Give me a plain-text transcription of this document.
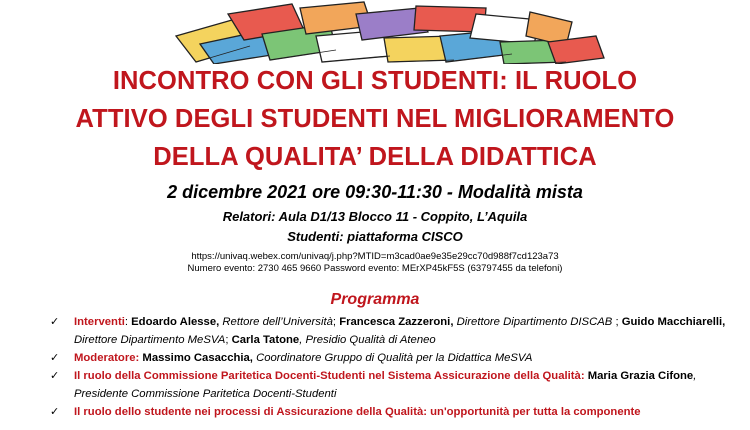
INCONTRO CON GLI STUDENTI: IL RUOLO
ATTIVO DEGLI STUDENTI NEL MIGLIORAMENTO
DELLA QUALITA’ DELLA DIDATTICA
2 dicembre 2021 ore 09:30-11:30 - Modalità mista
Relatori: Aula D1/13 Blocco 11 - Coppito, L’Aquila
Studenti: piattaforma CISCO
https://univaq.webex.com/univaq/j.php?MTID=m3cad0ae9e35e29cc70d988f7cd123a73
Numero evento: 2730 465 9660 Password evento: MErXP45kF5S (63797455 da telefoni)
Programma
✓ Interventi: Edoardo Alesse, Rettore dell’Università; Francesca Zazzeroni, Direttore Dipartimento DISCAB ; Guido Macchiarelli, Direttore Dipartimento MeSVA; Carla Tatone, Presidio Qualità di Ateneo
✓ Moderatore: Massimo Casacchia, Coordinatore Gruppo di Qualità per la Didattica MeSVA
✓ Il ruolo della Commissione Paritetica Docenti-Studenti nel Sistema Assicurazione della Qualità: Maria Grazia Cifone, Presidente Commissione Paritetica Docenti-Studenti
✓ Il ruolo dello studente nei processi di Assicurazione della Qualità: un'opportunità per tutta la componente
